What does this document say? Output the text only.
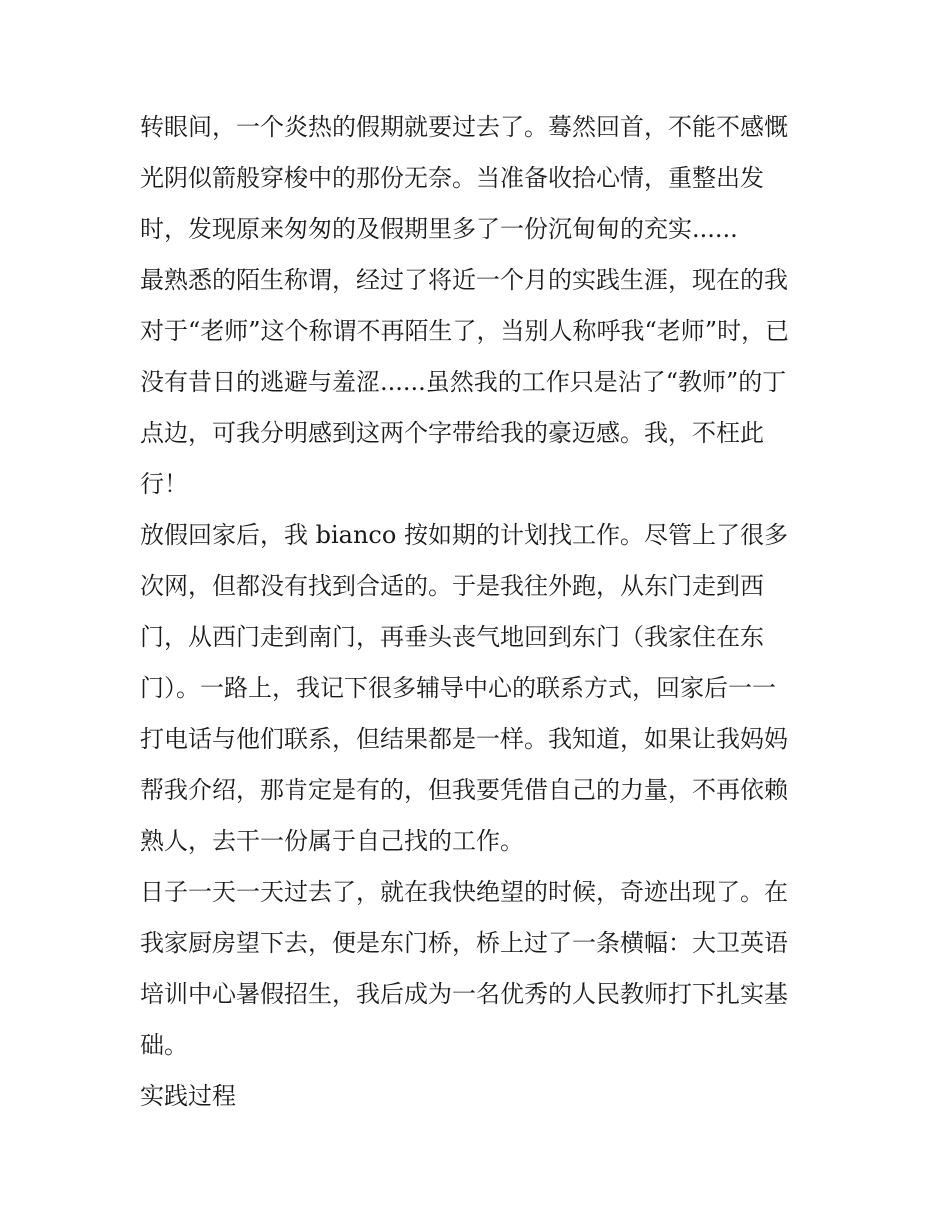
转眼间，一个炎热的假期就要过去了。蓦然回首，不能不感慨
光阴似箭般穿梭中的那份无奈。当准备收拾心情，重整出发
时，发现原来匆匆的及假期里多了一份沉甸甸的充实......
最熟悉的陌生称谓，经过了将近一个月的实践生涯，现在的我
对于“老师”这个称谓不再陌生了，当别人称呼我“老师”时，已
没有昔日的逃避与羞涩......虽然我的工作只是沾了“教师”的丁
点边，可我分明感到这两个字带给我的豪迈感。我，不枉此
行！
放假回家后，我 bianco 按如期的计划找工作。尽管上了很多
次网，但都没有找到合适的。于是我往外跑，从东门走到西
门，从西门走到南门，再垂头丧气地回到东门（我家住在东
门）。一路上，我记下很多辅导中心的联系方式，回家后一一
打电话与他们联系，但结果都是一样。我知道，如果让我妈妈
帮我介绍，那肯定是有的，但我要凭借自己的力量，不再依赖
熟人，去干一份属于自己找的工作。
日子一天一天过去了，就在我快绝望的时候，奇迹出现了。在
我家厨房望下去，便是东门桥，桥上过了一条横幅：大卫英语
培训中心暑假招生，我后成为一名优秀的人民教师打下扎实基
础。
实践过程
